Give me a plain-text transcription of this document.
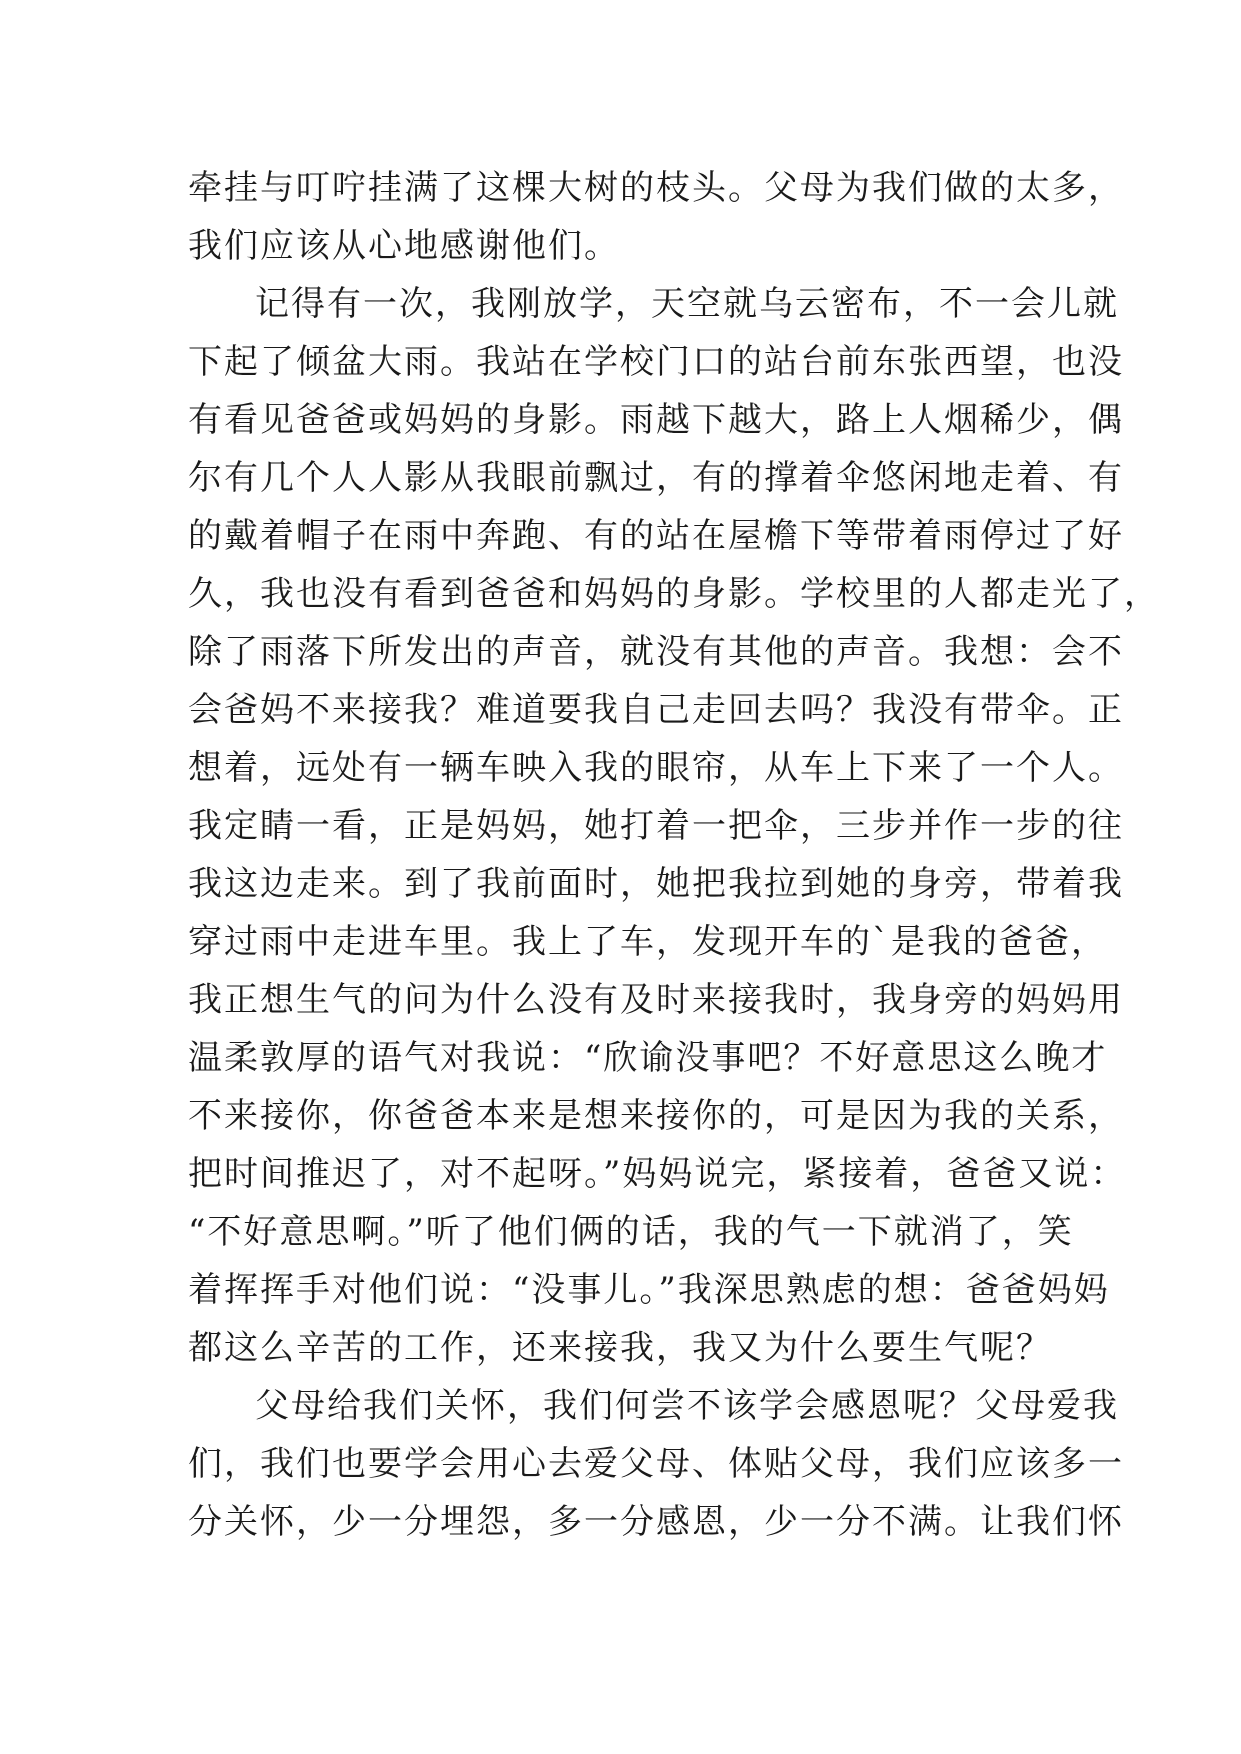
牵挂与叮咛挂满了这棵大树的枝头。父母为我们做的太多，
我们应该从心地感谢他们。
记得有一次，我刚放学，天空就乌云密布，不一会儿就
下起了倾盆大雨。我站在学校门口的站台前东张西望，也没
有看见爸爸或妈妈的身影。雨越下越大，路上人烟稀少，偶
尔有几个人人影从我眼前飘过，有的撑着伞悠闲地走着、有
的戴着帽子在雨中奔跑、有的站在屋檐下等带着雨停过了好
久，我也没有看到爸爸和妈妈的身影。学校里的人都走光了，
除了雨落下所发出的声音，就没有其他的声音。我想：会不
会爸妈不来接我？难道要我自己走回去吗？我没有带伞。正
想着，远处有一辆车映入我的眼帘，从车上下来了一个人。
我定睛一看，正是妈妈，她打着一把伞，三步并作一步的往
我这边走来。到了我前面时，她把我拉到她的身旁，带着我
穿过雨中走进车里。我上了车，发现开车的`是我的爸爸，
我正想生气的问为什么没有及时来接我时，我身旁的妈妈用
温柔敦厚的语气对我说：“欣谕没事吧？不好意思这么晚才
不来接你，你爸爸本来是想来接你的，可是因为我的关系，
把时间推迟了，对不起呀。”妈妈说完，紧接着，爸爸又说：
“不好意思啊。”听了他们俩的话，我的气一下就消了，笑
着挥挥手对他们说：“没事儿。”我深思熟虑的想：爸爸妈妈
都这么辛苦的工作，还来接我，我又为什么要生气呢？
父母给我们关怀，我们何尝不该学会感恩呢？父母爱我
们，我们也要学会用心去爱父母、体贴父母，我们应该多一
分关怀，少一分埋怨，多一分感恩，少一分不满。让我们怀
